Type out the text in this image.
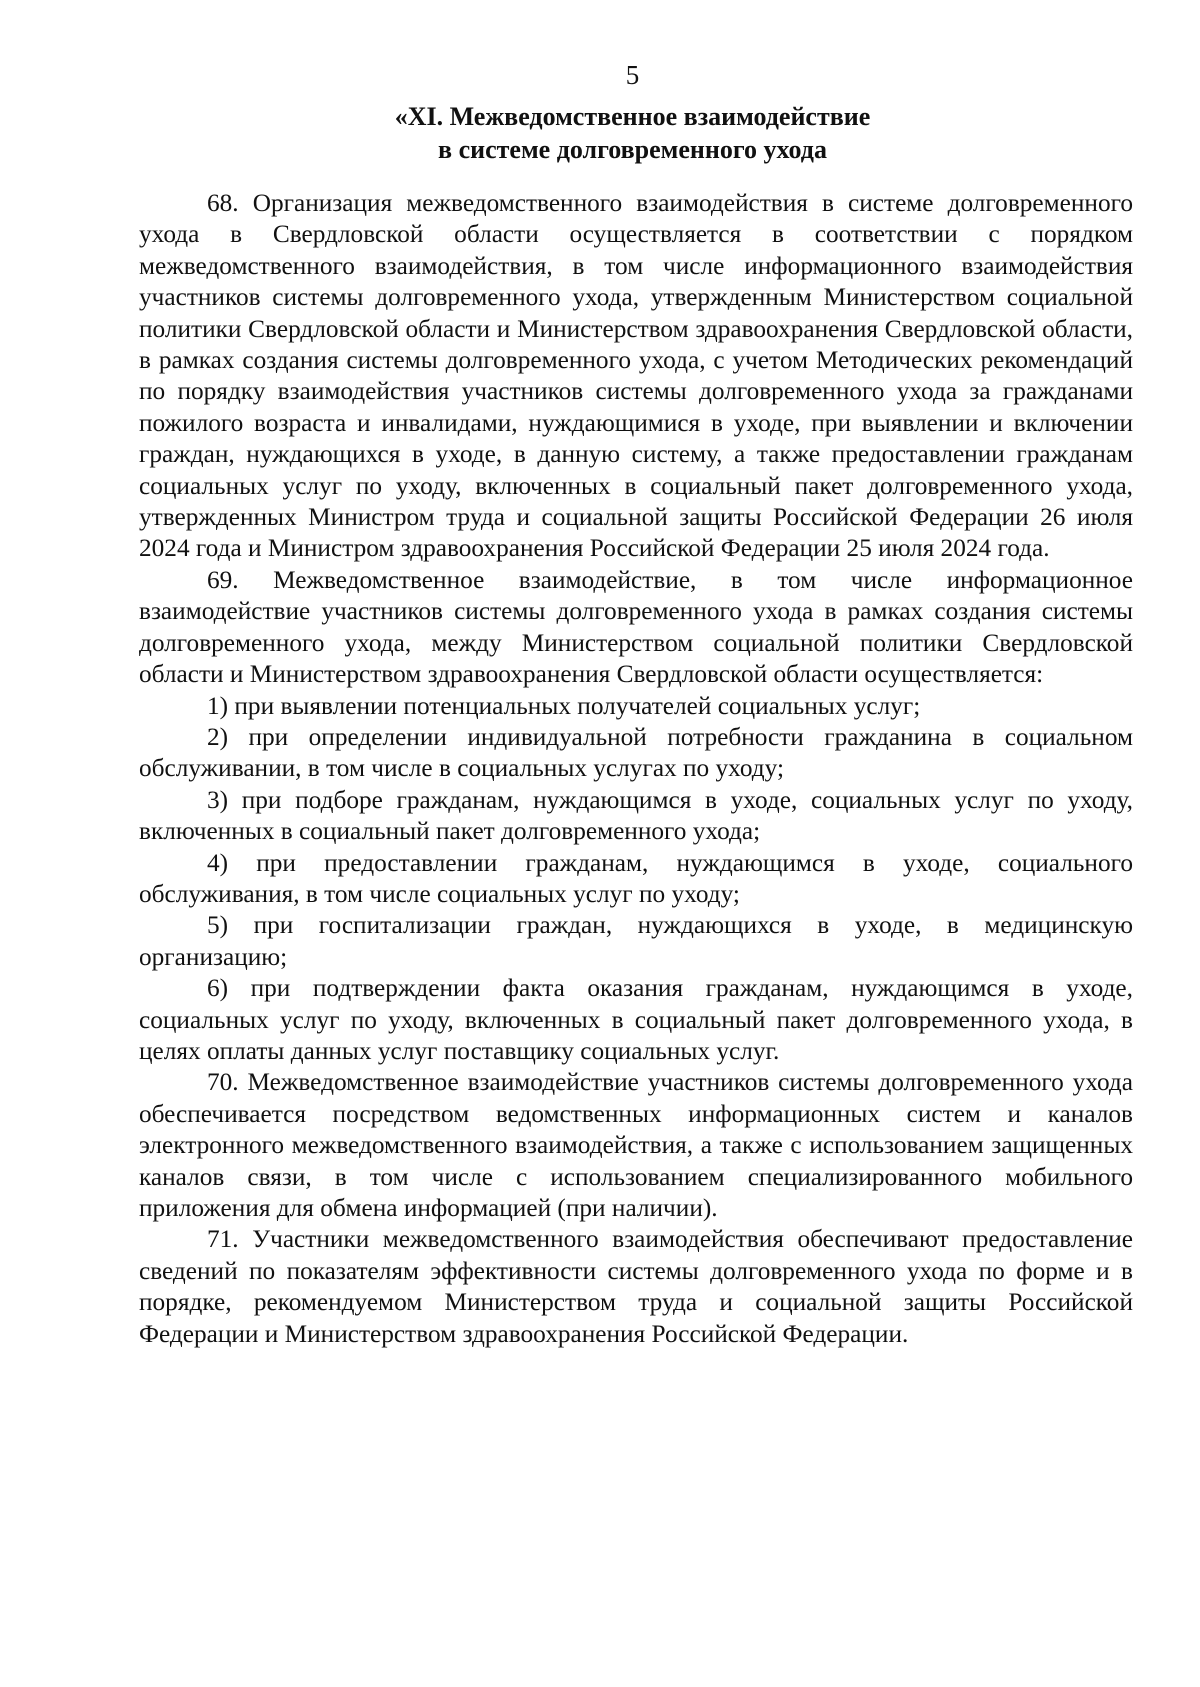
5
«XI. Межведомственное взаимодействие
в системе долговременного ухода

68. Организация межведомственного взаимодействия в системе долговременного ухода в Свердловской области осуществляется в соответствии с порядком межведомственного взаимодействия, в том числе информационного взаимодействия участников системы долговременного ухода, утвержденным Министерством социальной политики Свердловской области и Министерством здравоохранения Свердловской области, в рамках создания системы долговременного ухода, с учетом Методических рекомендаций по порядку взаимодействия участников системы долговременного ухода за гражданами пожилого возраста и инвалидами, нуждающимися в уходе, при выявлении и включении граждан, нуждающихся в уходе, в данную систему, а также предоставлении гражданам социальных услуг по уходу, включенных в социальный пакет долговременного ухода, утвержденных Министром труда и социальной защиты Российской Федерации 26 июля 2024 года и Министром здравоохранения Российской Федерации 25 июля 2024 года.

69. Межведомственное взаимодействие, в том числе информационное взаимодействие участников системы долговременного ухода в рамках создания системы долговременного ухода, между Министерством социальной политики Свердловской области и Министерством здравоохранения Свердловской области осуществляется:

1) при выявлении потенциальных получателей социальных услуг;

2) при определении индивидуальной потребности гражданина в социальном обслуживании, в том числе в социальных услугах по уходу;

3) при подборе гражданам, нуждающимся в уходе, социальных услуг по уходу, включенных в социальный пакет долговременного ухода;

4) при предоставлении гражданам, нуждающимся в уходе, социального обслуживания, в том числе социальных услуг по уходу;

5) при госпитализации граждан, нуждающихся в уходе, в медицинскую организацию;

6) при подтверждении факта оказания гражданам, нуждающимся в уходе, социальных услуг по уходу, включенных в социальный пакет долговременного ухода, в целях оплаты данных услуг поставщику социальных услуг.

70. Межведомственное взаимодействие участников системы долговременного ухода обеспечивается посредством ведомственных информационных систем и каналов электронного межведомственного взаимодействия, а также с использованием защищенных каналов связи, в том числе с использованием специализированного мобильного приложения для обмена информацией (при наличии).

71. Участники межведомственного взаимодействия обеспечивают предоставление сведений по показателям эффективности системы долговременного ухода по форме и в порядке, рекомендуемом Министерством труда и социальной защиты Российской Федерации и Министерством здравоохранения Российской Федерации.
